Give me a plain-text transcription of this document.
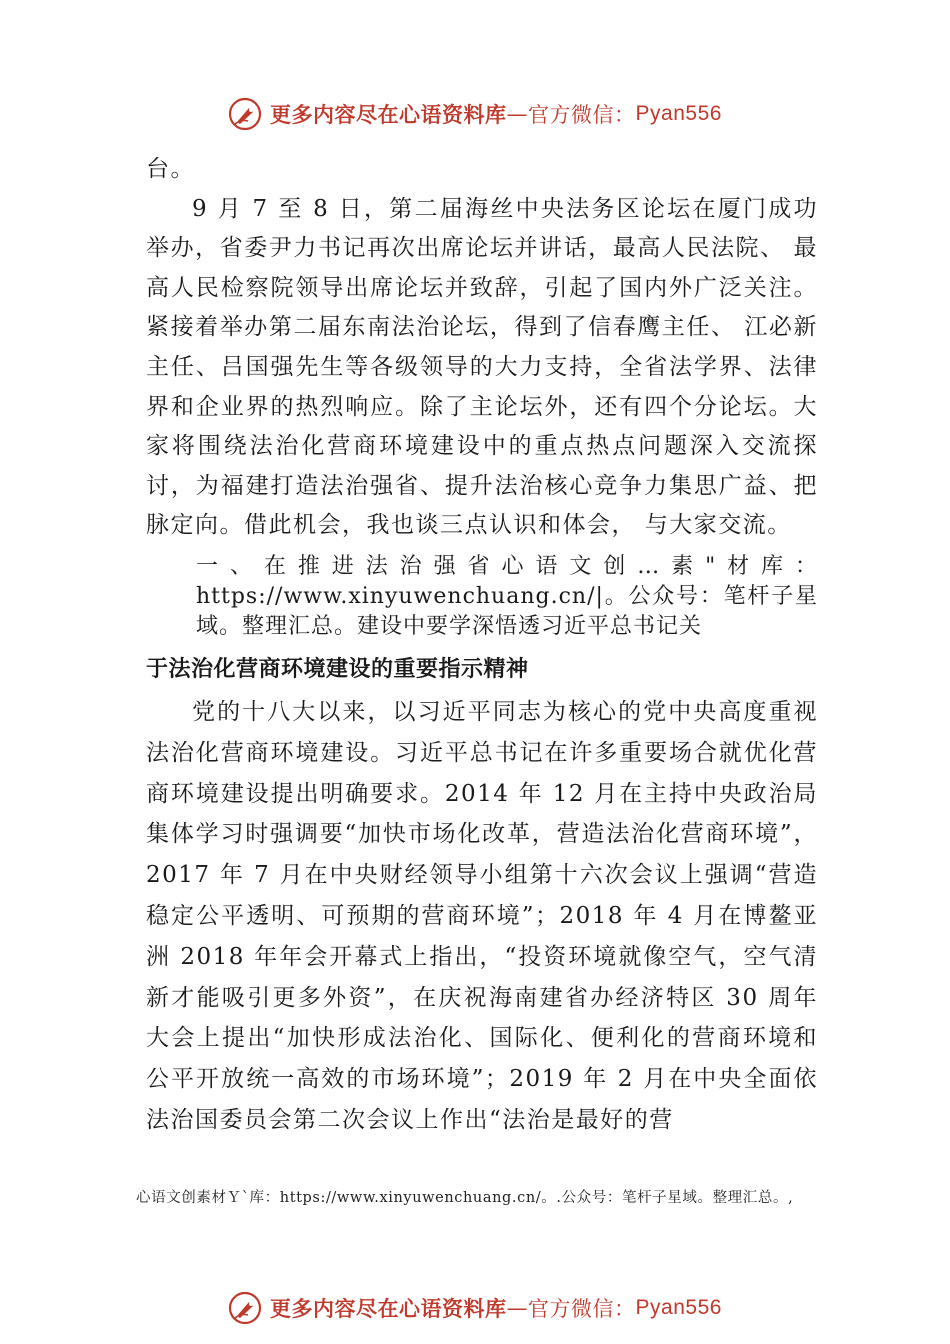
更多内容尽在心语资料库 — 官方微信： Pyan556

台。

9 月 7 至 8 日，第二届海丝中央法务区论坛在厦门成功举办，省委尹力书记再次出席论坛并讲话，最高人民法院、 最高人民检察院领导出席论坛并致辞，引起了国内外广泛关注。紧接着举办第二届东南法治论坛，得到了信春鹰主任、 江必新主任、吕国强先生等各级领导的大力支持，全省法学界、法律界和企业界的热烈响应。除了主论坛外，还有四个分论坛。大家将围绕法治化营商环境建设中的重点热点问题深入交流探讨，为福建打造法治强省、提升法治核心竞争力集思广益、把脉定向。借此机会，我也谈三点认识和体会， 与大家交流。

一、在推进法治强省心语文创…素"材库：https://www.xinyuwenchuang.cn/|。公众号：笔杆子星域。整理汇总。建设中要学深悟透习近平总书记关

于法治化营商环境建设的重要指示精神

党的十八大以来，以习近平同志为核心的党中央高度重视法治化营商环境建设。习近平总书记在许多重要场合就优化营商环境建设提出明确要求。2014 年 12 月在主持中央政治局集体学习时强调要“加快市场化改革，营造法治化营商环境”，2017 年 7 月在中央财经领导小组第十六次会议上强调“营造稳定公平透明、可预期的营商环境”；2018 年 4 月在博鳌亚洲 2018 年年会开幕式上指出，“投资环境就像空气，空气清新才能吸引更多外资”，在庆祝海南建省办经济特区 30 周年大会上提出“加快形成法治化、国际化、便利化的营商环境和公平开放统一高效的市场环境”；2019 年 2 月在中央全面依法治国委员会第二次会议上作出“法治是最好的营

心语文创素材Ｙ`库：https://www.xinyuwenchuang.cn/。.公众号：笔杆子星域。整理汇总。,
更多内容尽在心语资料库 — 官方微信： Pyan556
